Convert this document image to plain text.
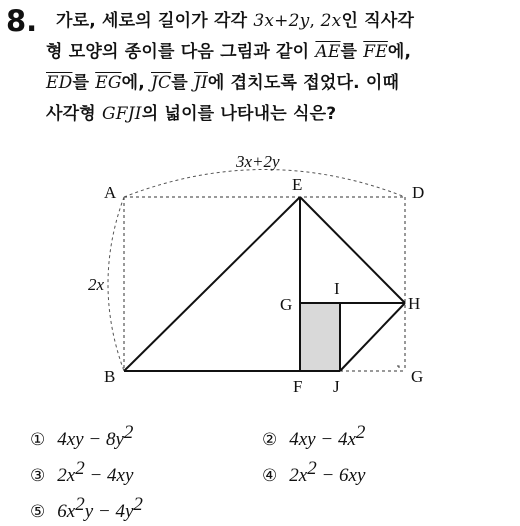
8. 가로, 세로의 길이가 각각 3x+2y, 2x인 직사각
형 모양의 종이를 다음 그림과 같이 $\overline{AE}$를 $\overline{FE}$에,
$\overline{ED}$를 $\overline{EG}$에, $\overline{JC}$를 $\overline{JI}$에 겹치도록 접었다. 이때
사각형 GFJI의 넓이를 나타내는 식은?
3x+2y
2x
A	E	D
B
F J
G
G
I
H
① $4xy - 8y^2$	② $4xy - 4x^2$
③ $2x^2 - 4xy$	④ $2x^2 - 6xy$
⑤ $6x^2y - 4y^2$
